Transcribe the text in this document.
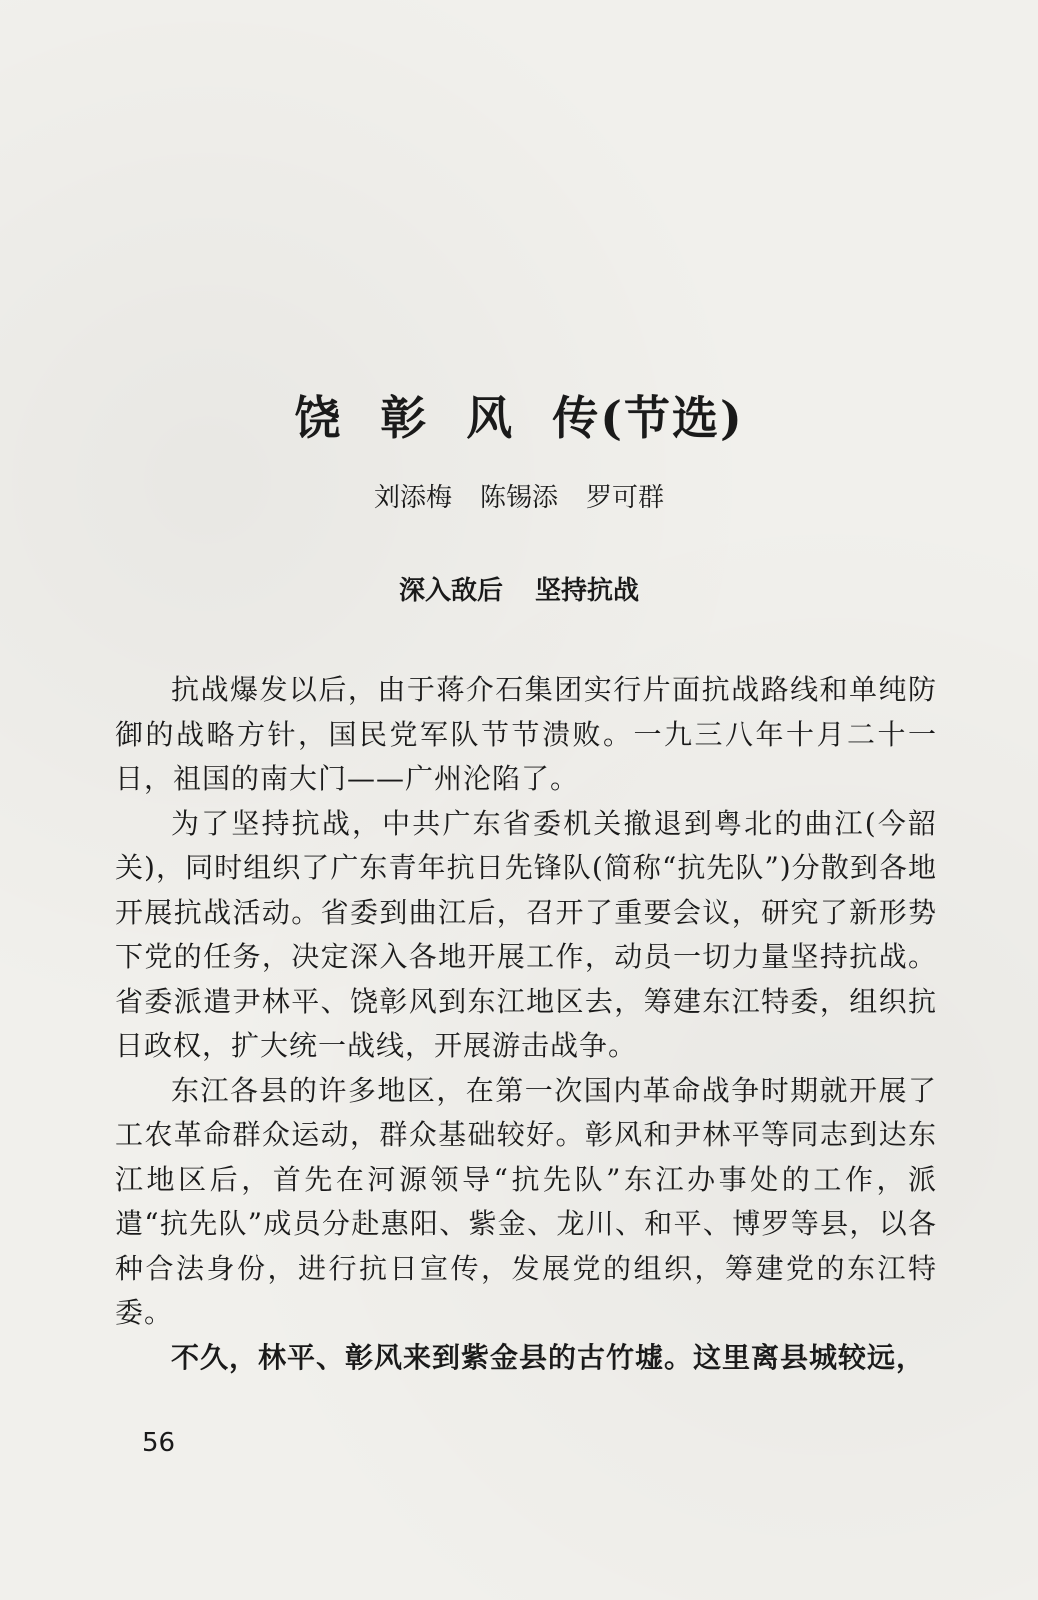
饶 彰 风 传(节选)
刘添梅 陈锡添 罗可群
深入敌后 坚持抗战

抗战爆发以后，由于蒋介石集团实行片面抗战路线和单纯防御的战略方针，国民党军队节节溃败。一九三八年十月二十一日，祖国的南大门——广州沦陷了。

为了坚持抗战，中共广东省委机关撤退到粤北的曲江(今韶关)，同时组织了广东青年抗日先锋队(简称“抗先队”)分散到各地开展抗战活动。省委到曲江后，召开了重要会议，研究了新形势下党的任务，决定深入各地开展工作，动员一切力量坚持抗战。省委派遣尹林平、饶彰风到东江地区去，筹建东江特委，组织抗日政权，扩大统一战线，开展游击战争。

东江各县的许多地区，在第一次国内革命战争时期就开展了工农革命群众运动，群众基础较好。彰风和尹林平等同志到达东江地区后，首先在河源领导“抗先队”东江办事处的工作，派遣“抗先队”成员分赴惠阳、紫金、龙川、和平、博罗等县，以各种合法身份，进行抗日宣传，发展党的组织，筹建党的东江特委。

不久，林平、彰风来到紫金县的古竹墟。这里离县城较远，

56
